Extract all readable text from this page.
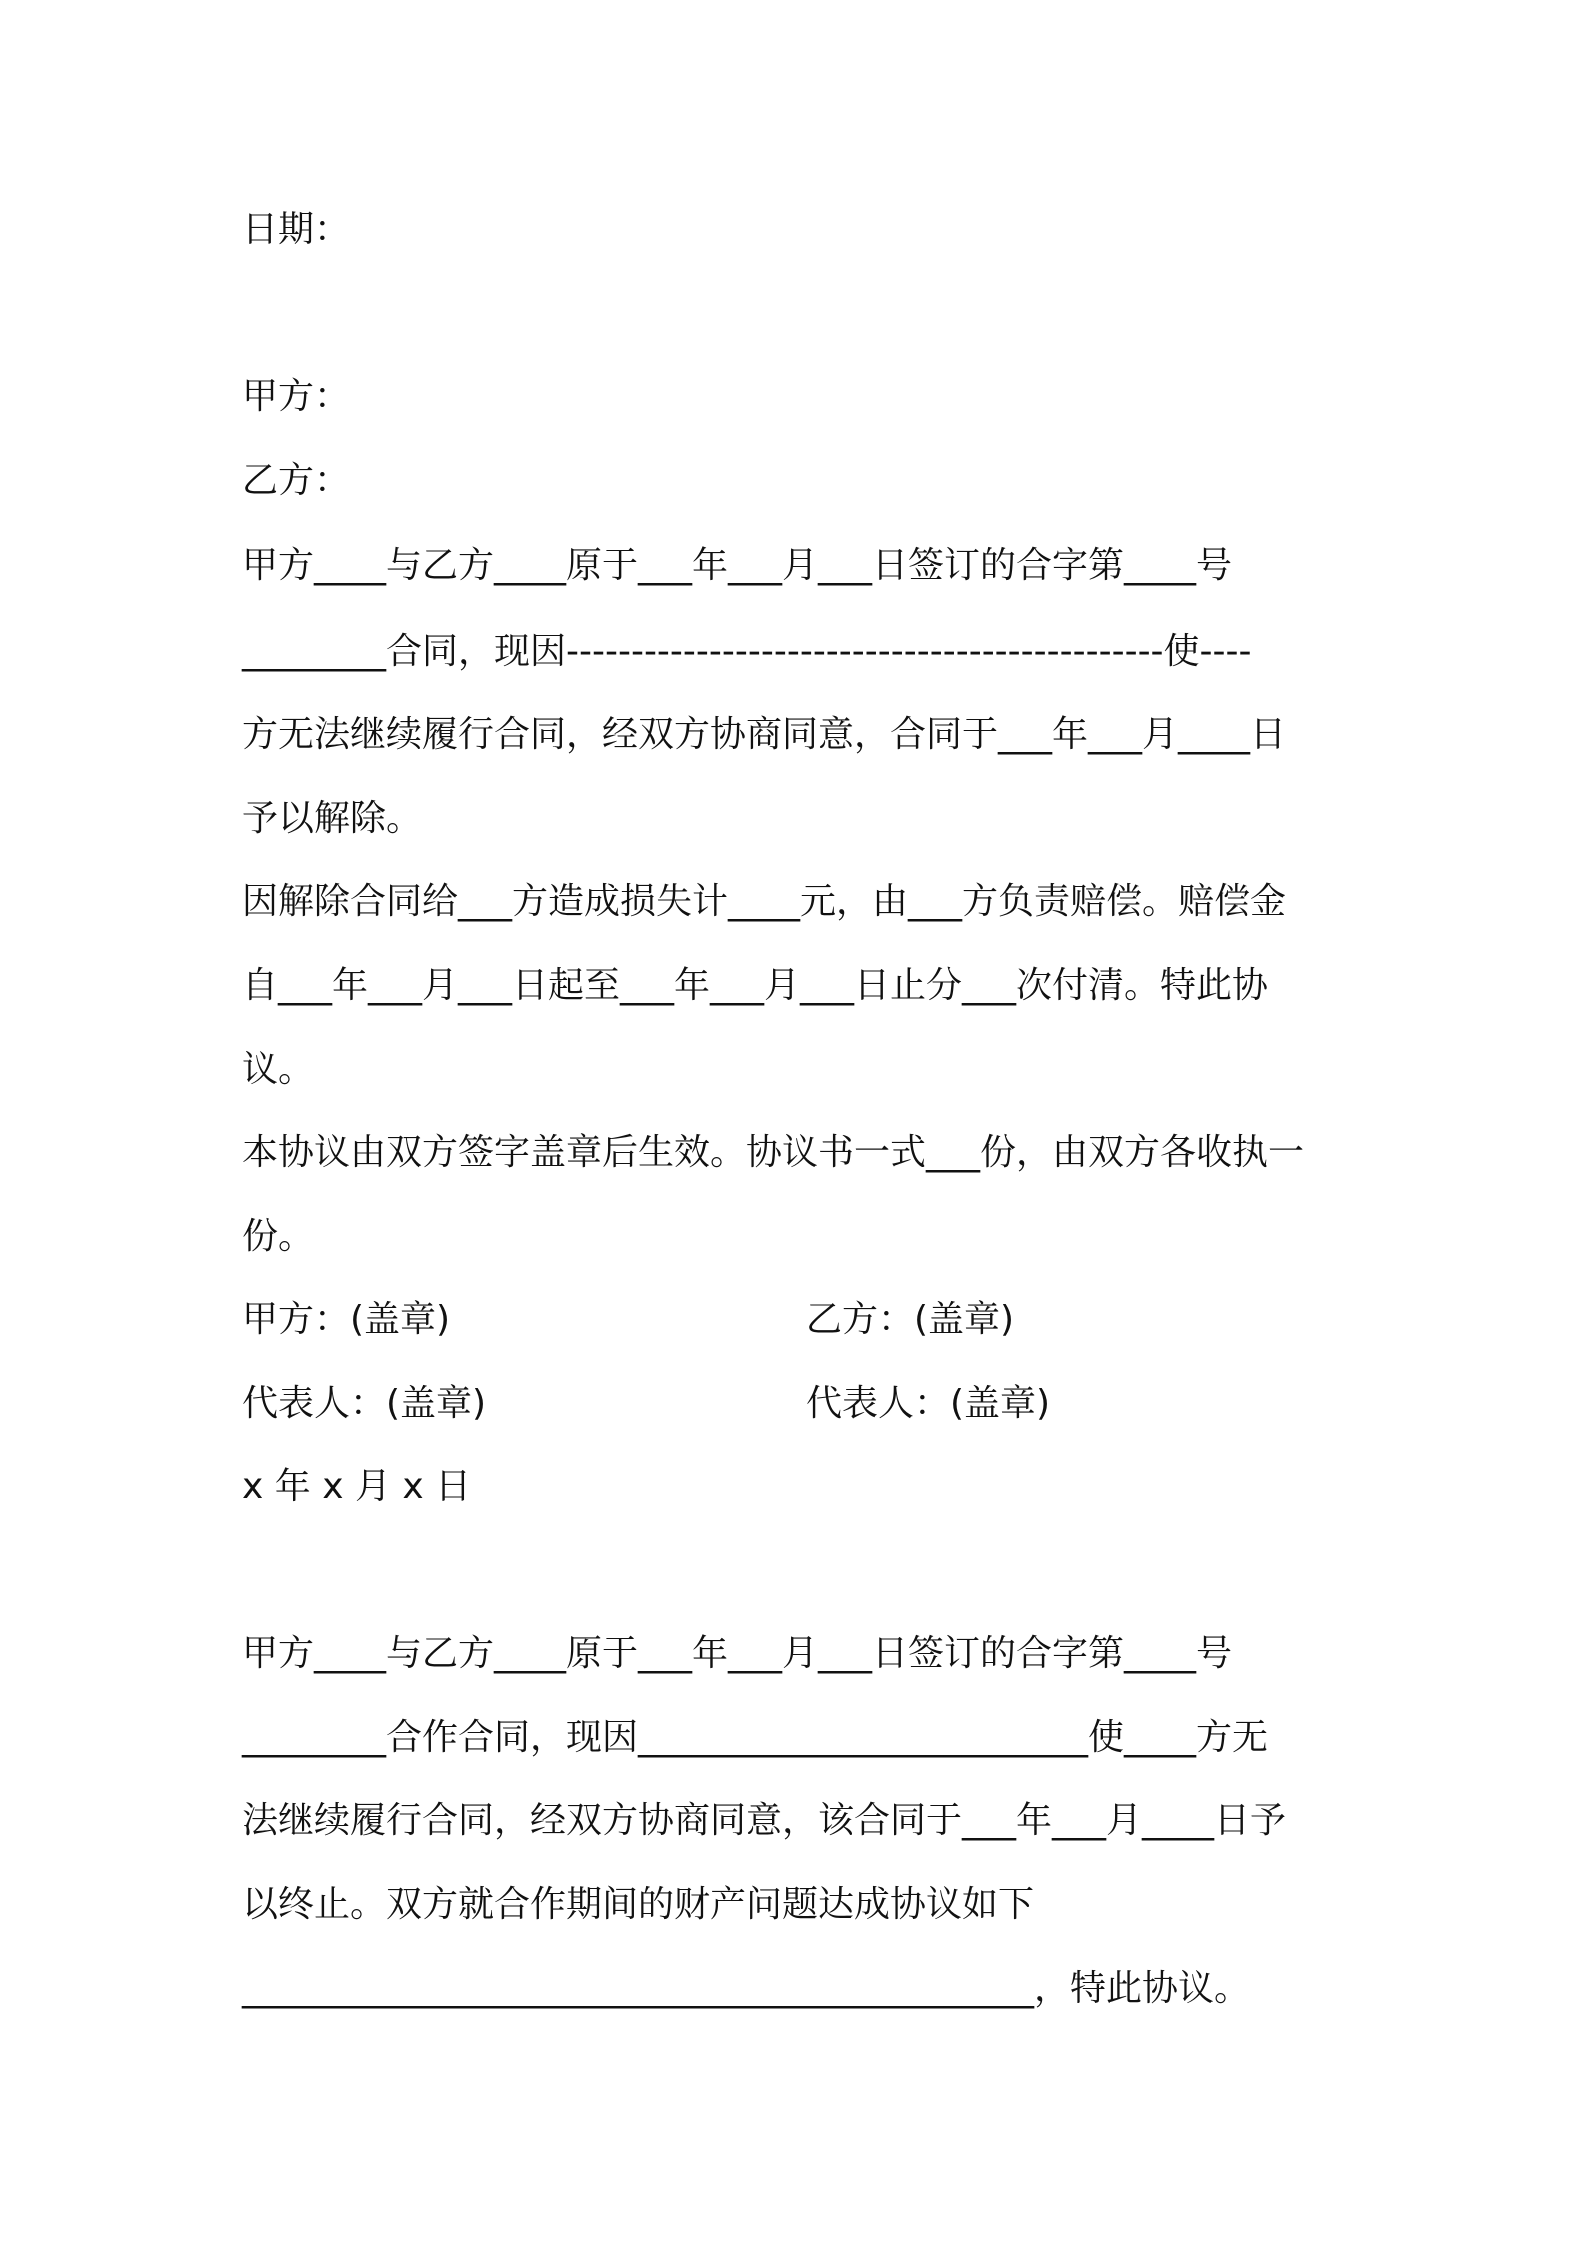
日期：
甲方：
乙方：
甲方____与乙方____原于___年___月___日签订的合字第____号
________合同，现因----------------------------------------------使----
方无法继续履行合同，经双方协商同意，合同于___年___月____日
予以解除。
因解除合同给___方造成损失计____元，由___方负责赔偿。赔偿金
自___年___月___日起至___年___月___日止分___次付清。特此协
议。
本协议由双方签字盖章后生效。协议书一式___份，由双方各收执一
份。
甲方：(盖章)	乙方：(盖章)
代表人：(盖章)	代表人：(盖章)
x 年 x 月 x 日
甲方____与乙方____原于___年___月___日签订的合字第____号
________合作合同，现因_________________________使____方无
法继续履行合同，经双方协商同意，该合同于___年___月____日予
以终止。双方就合作期间的财产问题达成协议如下
____________________________________________，特此协议。
